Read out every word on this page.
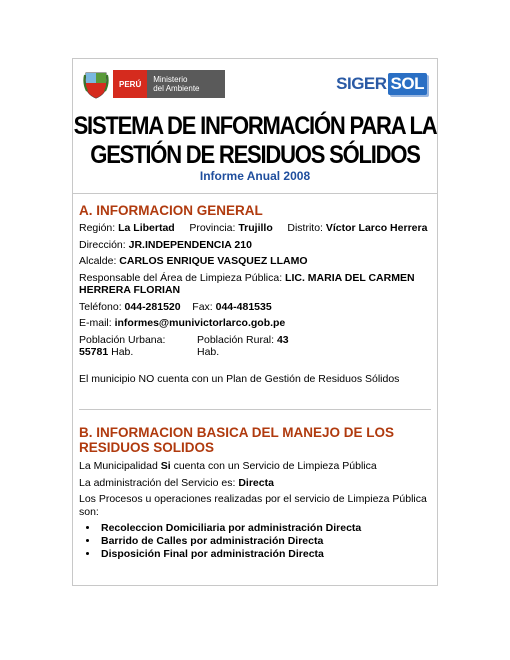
PERÚ	Ministerio
del Ambiente	SIGER SOL
SISTEMA DE INFORMACIÓN PARA LA
GESTIÓN DE RESIDUOS SÓLIDOS
Informe Anual 2008
A. INFORMACION GENERAL
Región: La Libertad Provincia: Trujillo Distrito: Víctor Larco Herrera
Dirección: JR.INDEPENDENCIA 210
Alcalde: CARLOS ENRIQUE VASQUEZ LLAMO
Responsable del Área de Limpieza Pública: LIC. MARIA DEL CARMEN HERRERA FLORIAN
Teléfono: 044-281520 Fax: 044-481535
E-mail: informes@munivictorlarco.gob.pe
Población Urbana:
55781 Hab.
Población Rural: 43
Hab.
El municipio NO cuenta con un Plan de Gestión de Residuos Sólidos
B. INFORMACION BASICA DEL MANEJO DE LOS RESIDUOS SOLIDOS
La Municipalidad Si cuenta con un Servicio de Limpieza Pública
La administración del Servicio es: Directa
Los Procesos u operaciones realizadas por el servicio de Limpieza Pública son:
• Recoleccion Domiciliaria por administración Directa
• Barrido de Calles por administración Directa
• Disposición Final por administración Directa
